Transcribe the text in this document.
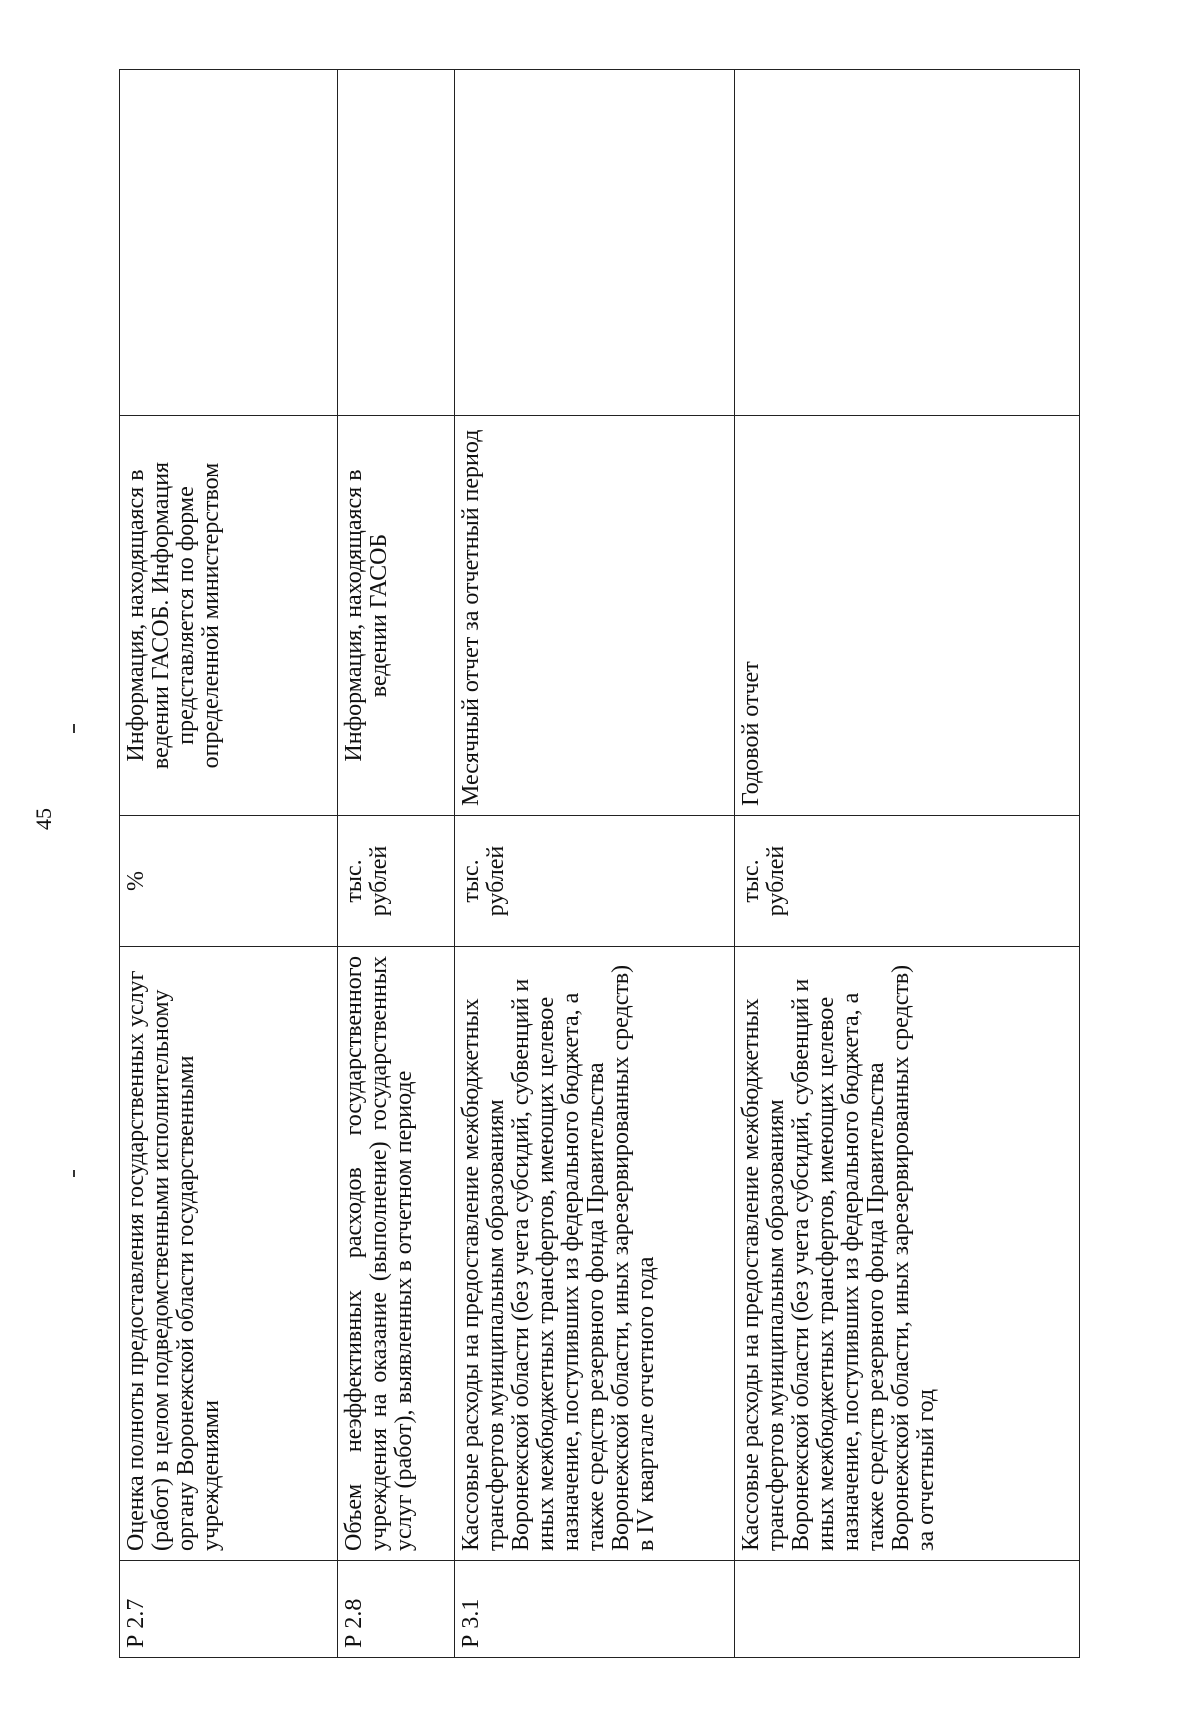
45
Р 2.7	Оценка полноты предоставления государственных услуг (работ) в целом подведомственными исполнительному органу Воронежской области государственными учреждениями	%	Информация, находящаяся в ведении ГАСОБ. Информация представляется по форме определенной министерством	

Р 2.8	Объем неэффективных расходов государственного учреждения на оказание (выполнение) государственных услуг (работ), выявленных в отчетном периоде	тыс. рублей	Информация, находящаяся в ведении ГАСОБ	

Р 3.1	Кассовые расходы на предоставление межбюджетных трансфертов муниципальным образованиям Воронежской области (без учета субсидий, субвенций и иных межбюджетных трансфертов, имеющих целевое назначение, поступивших из федерального бюджета, а также средств резервного фонда Правительства Воронежской области, иных зарезервированных средств) в IV квартале отчетного года	тыс. рублей	Месячный отчет за отчетный период	

	Кассовые расходы на предоставление межбюджетных трансфертов муниципальным образованиям Воронежской области (без учета субсидий, субвенций и иных межбюджетных трансфертов, имеющих целевое назначение, поступивших из федерального бюджета, а также средств резервного фонда Правительства Воронежской области, иных зарезервированных средств) за отчетный год	тыс. рублей	Годовой отчет	
